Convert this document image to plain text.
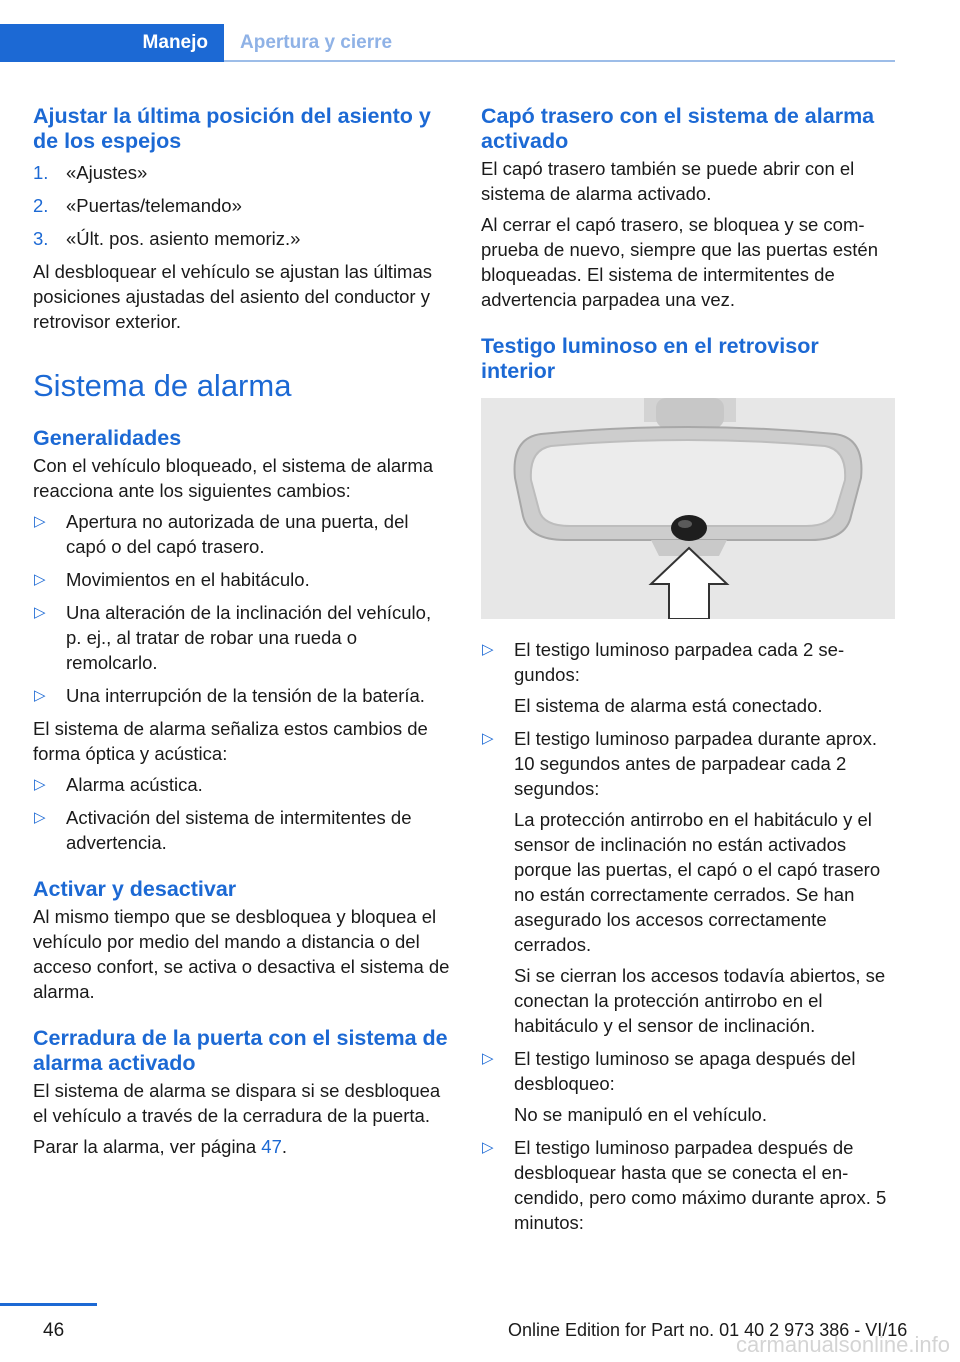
Manejo Apertura y cierre
Ajustar la última posición del asiento y de los espejos
1. «Ajustes»
2. «Puertas/telemando»
3. «Últ. pos. asiento memoriz.»

Al desbloquear el vehículo se ajustan las últimas posiciones ajustadas del asiento del conductor y retrovisor exterior.

Sistema de alarma
Generalidades

Con el vehículo bloqueado, el sistema de alarma reacciona ante los siguientes cambios:

▷ Apertura no autorizada de una puerta, del capó o del capó trasero.
▷ Movimientos en el habitáculo.
▷ Una alteración de la inclinación del vehículo, p. ej., al tratar de robar una rueda o remolcarlo.
▷ Una interrupción de la tensión de la batería.

El sistema de alarma señaliza estos cambios de forma óptica y acústica:

▷ Alarma acústica.
▷ Activación del sistema de intermitentes de advertencia.
Activar y desactivar

Al mismo tiempo que se desbloquea y bloquea el vehículo por medio del mando a distancia o del acceso confort, se activa o desactiva el sistema de alarma.

Cerradura de la puerta con el sistema de alarma activado

El sistema de alarma se dispara si se desbloquea el vehículo a través de la cerradura de la puerta.

Parar la alarma, ver página 47.

Capó trasero con el sistema de alarma activado

El capó trasero también se puede abrir con el sistema de alarma activado.

Al cerrar el capó trasero, se bloquea y se comprueba de nuevo, siempre que las puertas estén bloqueadas. El sistema de intermitentes de advertencia parpadea una vez.

Testigo luminoso en el retrovisor interior
▷ El testigo luminoso parpadea cada 2 segundos:

El sistema de alarma está conectado.

▷ El testigo luminoso parpadea durante aprox. 10 segundos antes de parpadear cada 2 segundos:

La protección antirrobo en el habitáculo y el sensor de inclinación no están activados porque las puertas, el capó o el capó trasero no están correctamente cerrados. Se han asegurado los accesos correctamente cerrados.

Si se cierran los accesos todavía abiertos, se conectan la protección antirrobo en el habitáculo y el sensor de inclinación.

▷ El testigo luminoso se apaga después del desbloqueo:

No se manipuló en el vehículo.

▷ El testigo luminoso parpadea después de desbloquear hasta que se conecta el encendido, pero como máximo durante aprox. 5 minutos:
46	Online Edition for Part no. 01 40 2 973 386 - VI/16
carmanualsonline.info
